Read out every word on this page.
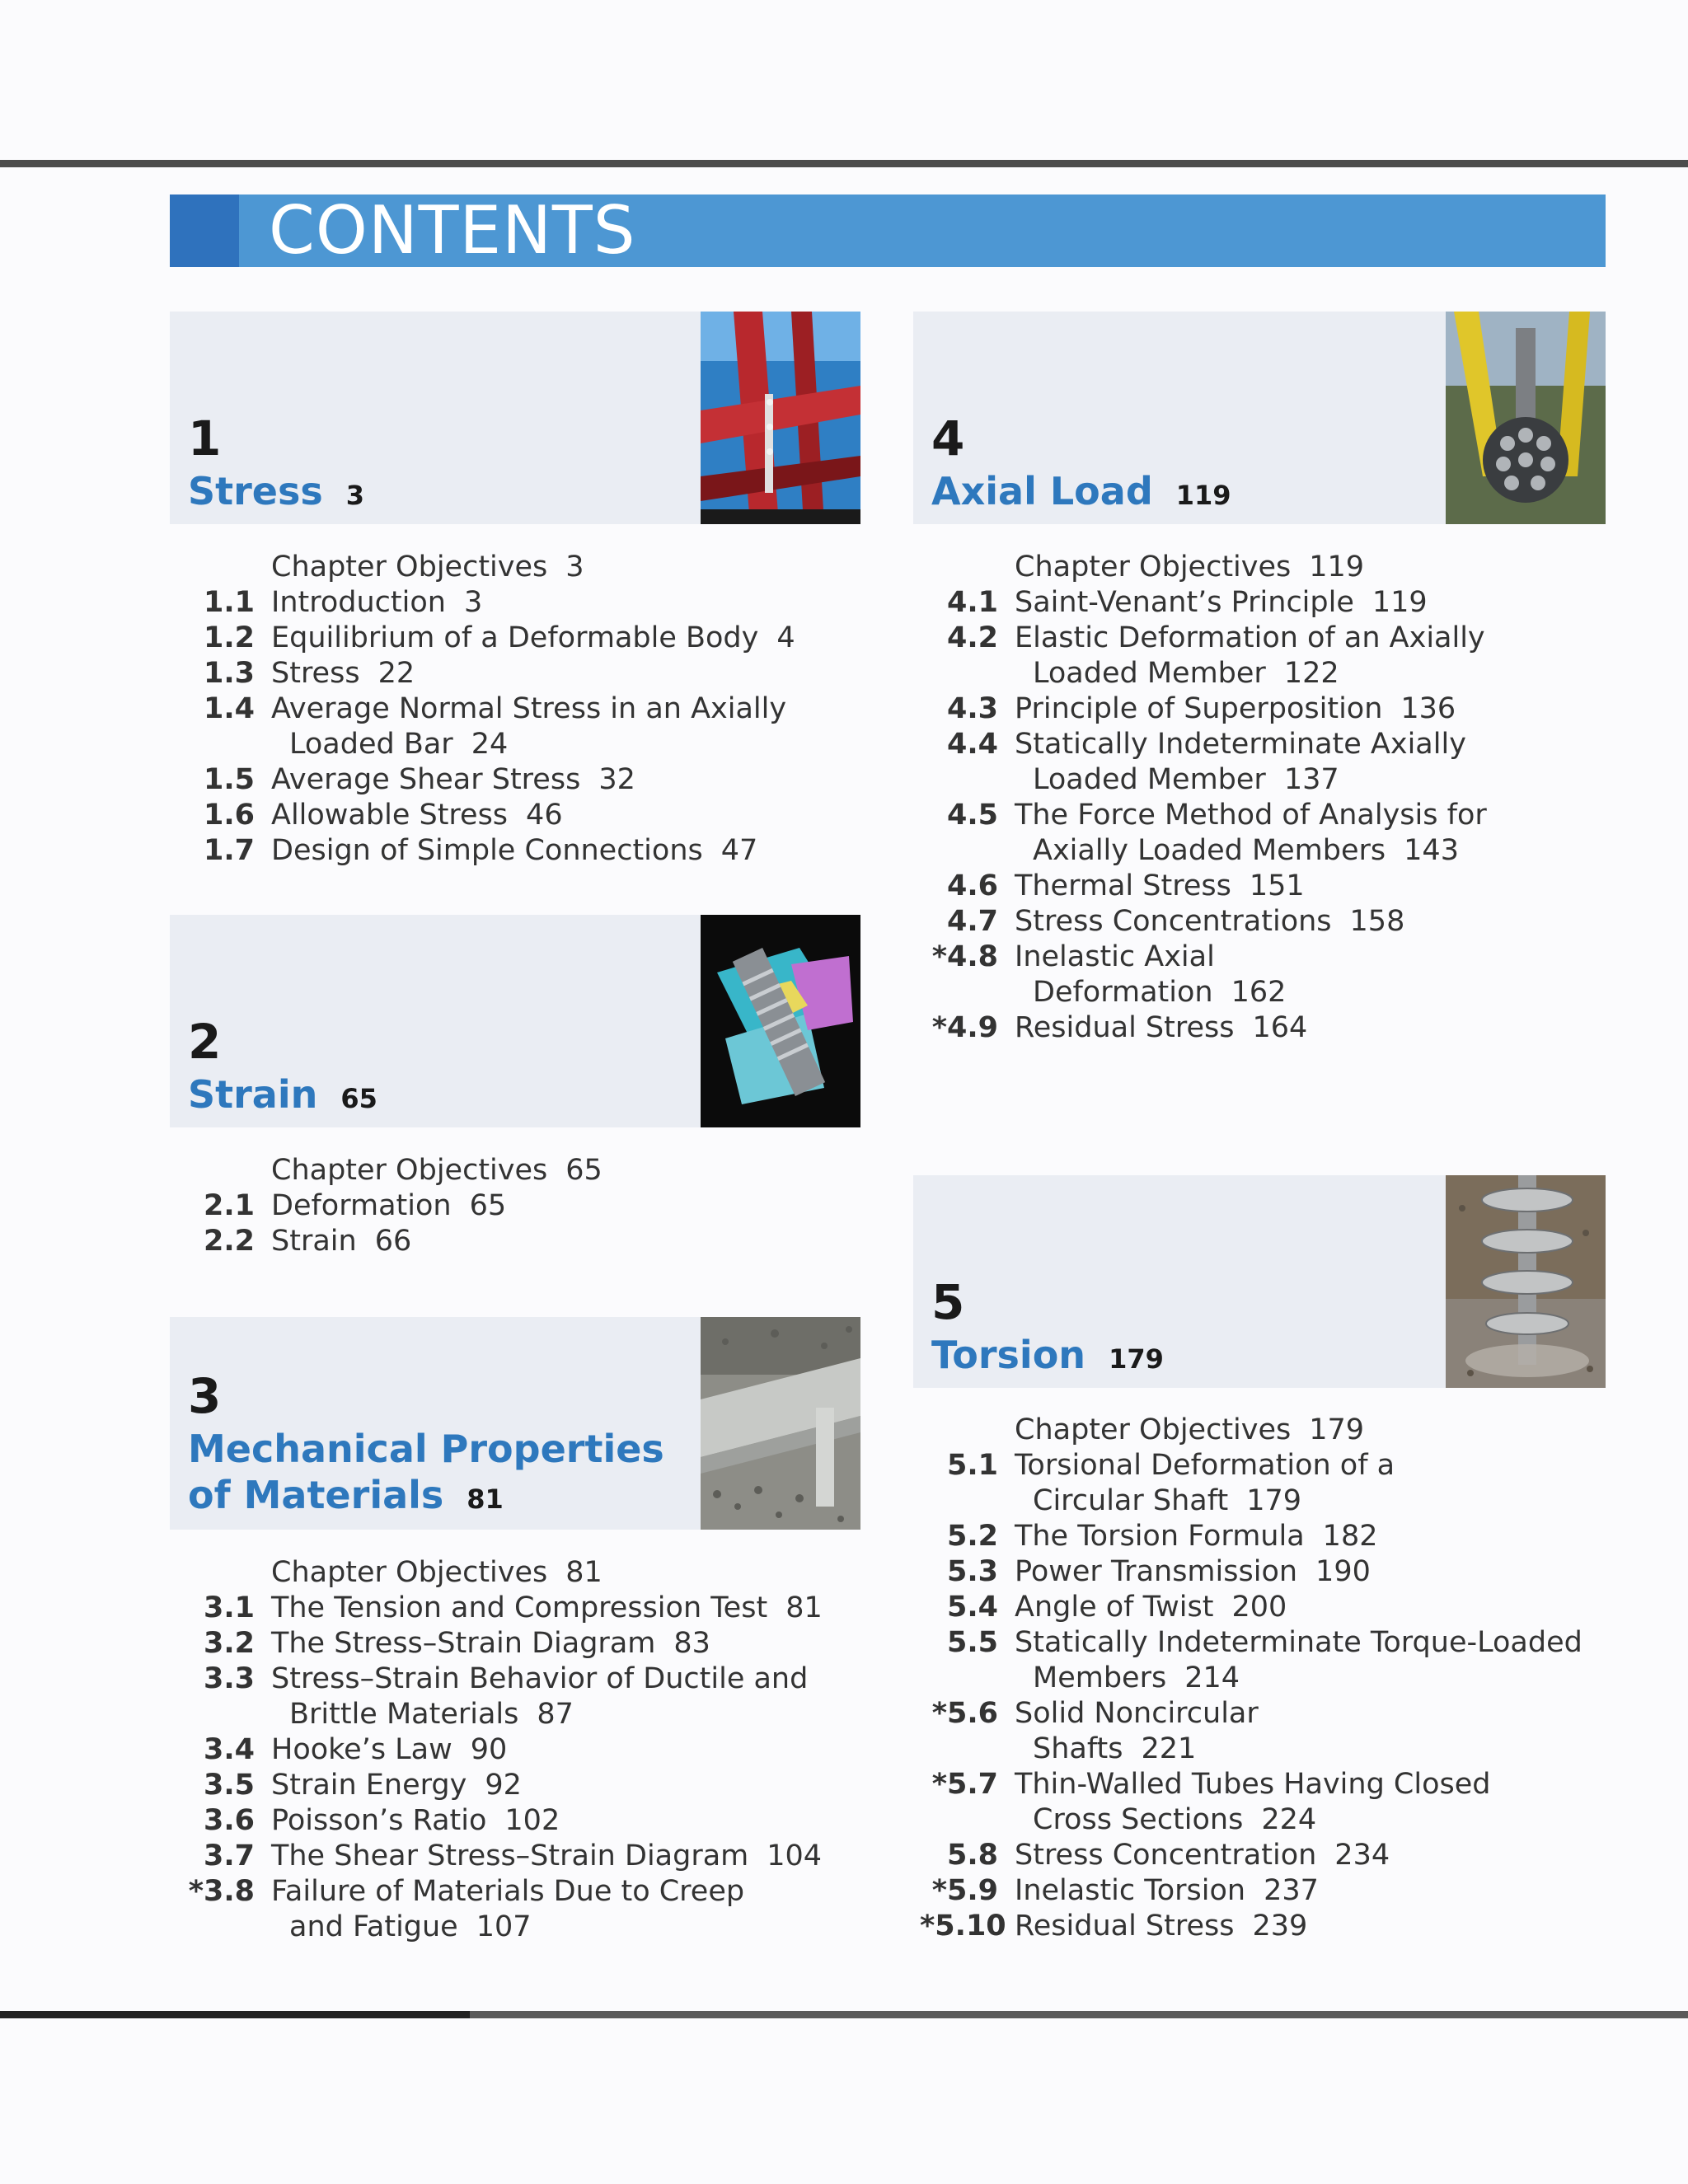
CONTENTS
1
Stress 3
Chapter Objectives 3
1.1 Introduction 3
1.2 Equilibrium of a Deformable Body 4
1.3 Stress 22
1.4 Average Normal Stress in an Axially
Loaded Bar 24
1.5 Average Shear Stress 32
1.6 Allowable Stress 46
1.7 Design of Simple Connections 47
2
Strain 65
Chapter Objectives 65
2.1 Deformation 65
2.2 Strain 66
3
Mechanical Properties
of Materials 81
Chapter Objectives 81
3.1 The Tension and Compression Test 81
3.2 The Stress–Strain Diagram 83
3.3 Stress–Strain Behavior of Ductile and
Brittle Materials 87
3.4 Hooke’s Law 90
3.5 Strain Energy 92
3.6 Poisson’s Ratio 102
3.7 The Shear Stress–Strain Diagram 104
*3.8 Failure of Materials Due to Creep
and Fatigue 107
4
Axial Load 119
Chapter Objectives 119
4.1 Saint-Venant’s Principle 119
4.2 Elastic Deformation of an Axially
Loaded Member 122
4.3 Principle of Superposition 136
4.4 Statically Indeterminate Axially
Loaded Member 137
4.5 The Force Method of Analysis for
Axially Loaded Members 143
4.6 Thermal Stress 151
4.7 Stress Concentrations 158
*4.8 Inelastic Axial
Deformation 162
*4.9 Residual Stress 164
5
Torsion 179
Chapter Objectives 179
5.1 Torsional Deformation of a
Circular Shaft 179
5.2 The Torsion Formula 182
5.3 Power Transmission 190
5.4 Angle of Twist 200
5.5 Statically Indeterminate Torque-Loaded
Members 214
*5.6 Solid Noncircular
Shafts 221
*5.7 Thin-Walled Tubes Having Closed
Cross Sections 224
5.8 Stress Concentration 234
*5.9 Inelastic Torsion 237
*5.10 Residual Stress 239
